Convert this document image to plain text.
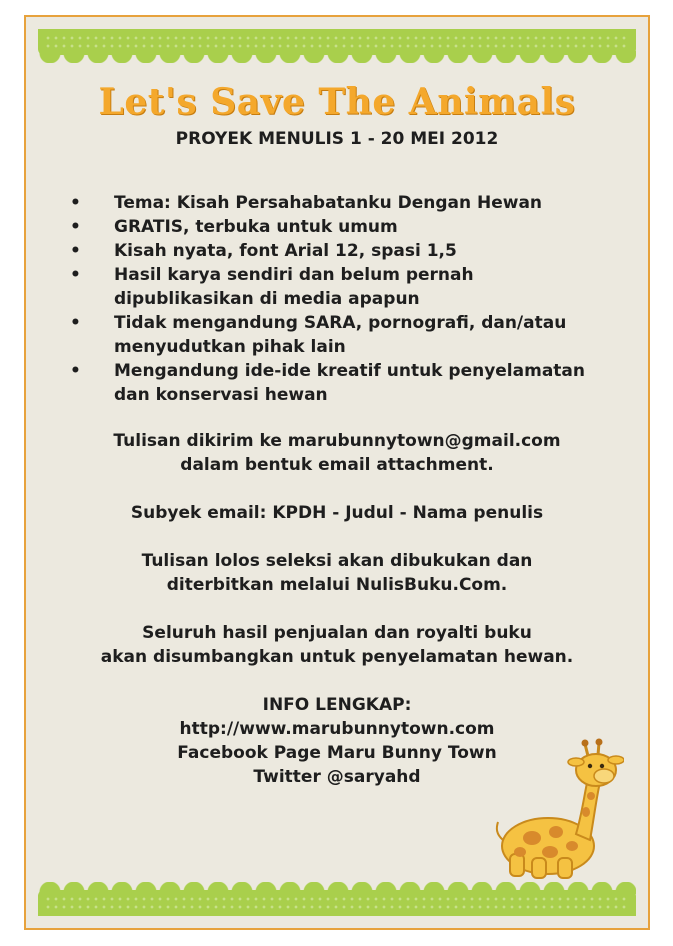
Let's Save The Animals
PROYEK MENULIS 1 - 20 MEI 2012
• Tema: Kisah Persahabatanku Dengan Hewan
• GRATIS, terbuka untuk umum
• Kisah nyata, font Arial 12, spasi 1,5
• Hasil karya sendiri dan belum pernah dipublikasikan di media apapun
• Tidak mengandung SARA, pornografi, dan/atau menyudutkan pihak lain
• Mengandung ide-ide kreatif untuk penyelamatan dan konservasi hewan
Tulisan dikirim ke marubunnytown@gmail.com
dalam bentuk email attachment.
Subyek email: KPDH - Judul - Nama penulis
Tulisan lolos seleksi akan dibukukan dan
diterbitkan melalui NulisBuku.Com.
Seluruh hasil penjualan dan royalti buku
akan disumbangkan untuk penyelamatan hewan.
INFO LENGKAP:
http://www.marubunnytown.com
Facebook Page Maru Bunny Town
Twitter @saryahd
